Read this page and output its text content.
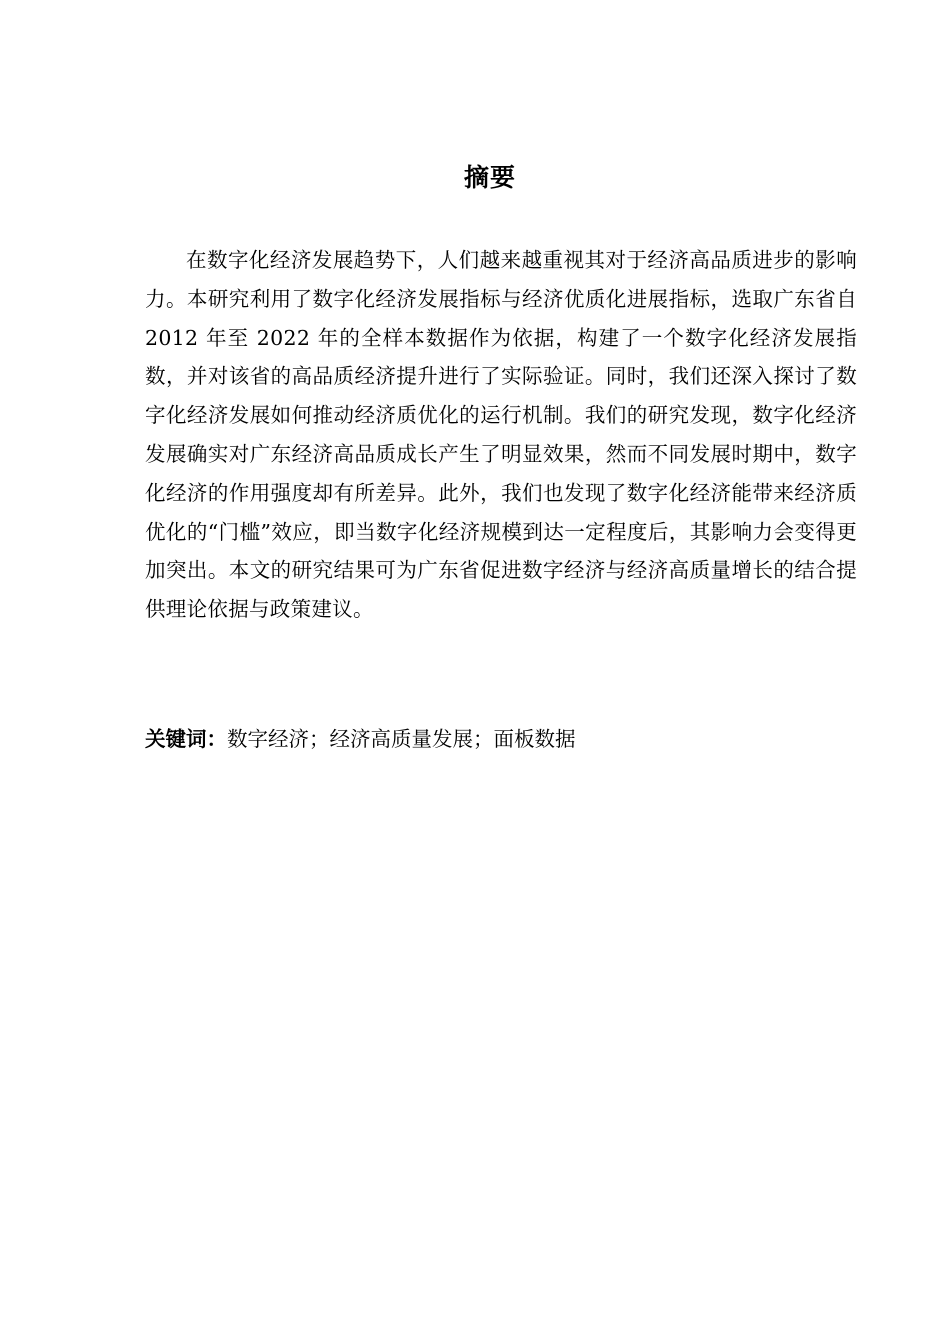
摘要

在数字化经济发展趋势下，人们越来越重视其对于经济高品质进步的影响力。本研究利用了数字化经济发展指标与经济优质化进展指标，选取广东省自 2012 年至 2022 年的全样本数据作为依据，构建了一个数字化经济发展指数，并对该省的高品质经济提升进行了实际验证。同时，我们还深入探讨了数字化经济发展如何推动经济质优化的运行机制。我们的研究发现，数字化经济发展确实对广东经济高品质成长产生了明显效果，然而不同发展时期中，数字化经济的作用强度却有所差异。此外，我们也发现了数字化经济能带来经济质优化的“门槛”效应，即当数字化经济规模到达一定程度后，其影响力会变得更加突出。本文的研究结果可为广东省促进数字经济与经济高质量增长的结合提供理论依据与政策建议。

关键词：数字经济；经济高质量发展；面板数据
